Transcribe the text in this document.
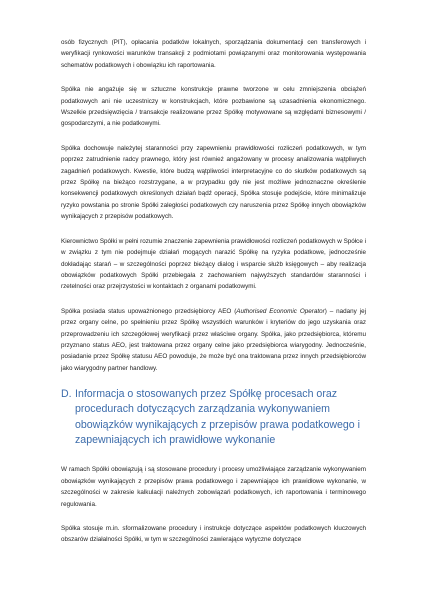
osób fizycznych (PIT), opłacania podatków lokalnych, sporządzania dokumentacji cen transferowych i weryfikacji rynkowości warunków transakcji z podmiotami powiązanymi oraz monitorowania występowania schematów podatkowych i obowiązku ich raportowania.

Spółka nie angażuje się w sztuczne konstrukcje prawne tworzone w celu zmniejszenia obciążeń podatkowych ani nie uczestniczy w konstrukcjach, które pozbawione są uzasadnienia ekonomicznego. Wszelkie przedsięwzięcia / transakcje realizowane przez Spółkę motywowane są względami biznesowymi / gospodarczymi, a nie podatkowymi.

Spółka dochowuje należytej staranności przy zapewnieniu prawidłowości rozliczeń podatkowych, w tym poprzez zatrudnienie radcy prawnego, który jest również angażowany w procesy analizowania wątpliwych zagadnień podatkowych. Kwestie, które budzą wątpliwości interpretacyjne co do skutków podatkowych są przez Spółkę na bieżąco rozstrzygane, a w przypadku gdy nie jest możliwe jednoznaczne określenie konsekwencji podatkowych określonych działań bądź operacji, Spółka stosuje podejście, które minimalizuje ryzyko powstania po stronie Spółki zaległości podatkowych czy naruszenia przez Spółkę innych obowiązków wynikających z przepisów podatkowych.

Kierownictwo Spółki w pełni rozumie znaczenie zapewnienia prawidłowości rozliczeń podatkowych w Spółce i w związku z tym nie podejmuje działań mogących narazić Spółkę na ryzyka podatkowe, jednocześnie dokładając starań – w szczególności poprzez bieżący dialog i wsparcie służb księgowych – aby realizacja obowiązków podatkowych Spółki przebiegała z zachowaniem najwyższych standardów staranności i rzetelności oraz przejrzystości w kontaktach z organami podatkowymi.

Spółka posiada status upoważnionego przedsiębiorcy AEO (Authorised Economic Operator) – nadany jej przez organy celne, po spełnieniu przez Spółkę wszystkich warunków i kryteriów do jego uzyskania oraz przeprowadzeniu ich szczegółowej weryfikacji przez właściwe organy. Spółka, jako przedsiębiorca, któremu przyznano status AEO, jest traktowana przez organy celne jako przedsiębiorca wiarygodny. Jednocześnie, posiadanie przez Spółkę statusu AEO powoduje, że może być ona traktowana przez innych przedsiębiorców jako wiarygodny partner handlowy.

D. Informacja o stosowanych przez Spółkę procesach oraz procedurach dotyczących zarządzania wykonywaniem obowiązków wynikających z przepisów prawa podatkowego i zapewniających ich prawidłowe wykonanie

W ramach Spółki obowiązują i są stosowane procedury i procesy umożliwiające zarządzanie wykonywaniem obowiązków wynikających z przepisów prawa podatkowego i zapewniające ich prawidłowe wykonanie, w szczególności w zakresie kalkulacji należnych zobowiązań podatkowych, ich raportowania i terminowego regulowania.

Spółka stosuje m.in. sformalizowane procedury i instrukcje dotyczące aspektów podatkowych kluczowych obszarów działalności Spółki, w tym w szczególności zawierające wytyczne dotyczące
